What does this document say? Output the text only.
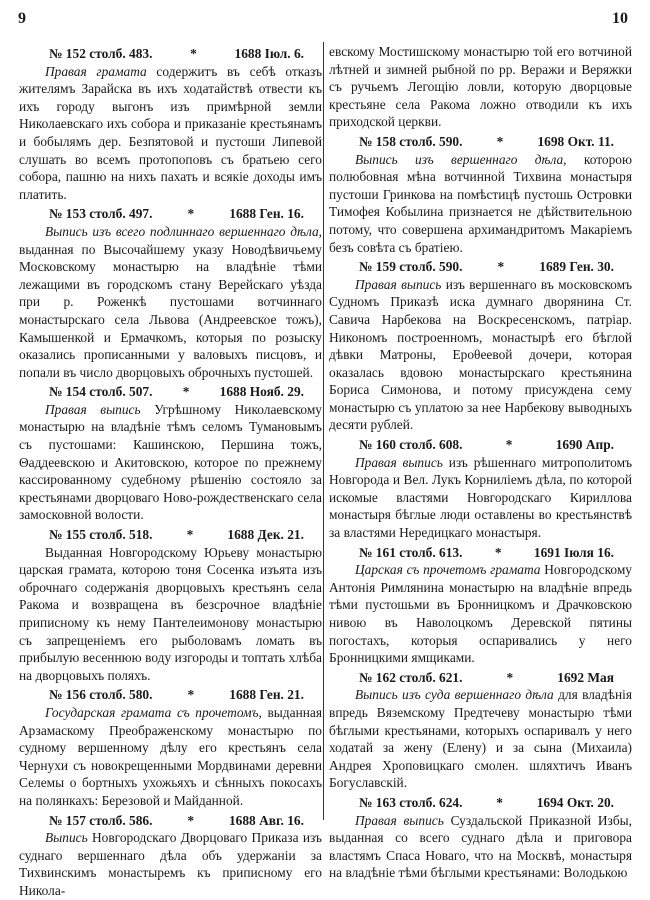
9	10
№ 152 столб. 483.	*	1688 Іюл. 6.

Правая грамата содержитъ въ себѣ отказъ жителямъ Зарайска въ ихъ ходатайствѣ отвести къ ихъ городу выгонъ изъ примѣрной земли Николаевскаго ихъ собора и приказаніе крестьянамъ и бобылямъ дер. Безпятовой и пустоши Липевой слушать во всемъ протопоповъ съ братьею сего собора, пашню на нихъ пахать и всякіе доходы имъ платить.

№ 153 столб. 497.	*	1688 Ген. 16.

Выпись изъ всего подлиннаго вершеннаго дѣла, выданная по Высочайшему указу Новодѣвичьему Московскому монастырю на владѣніе тѣми лежащими въ городскомъ стану Верейскаго уѣзда при р. Роженкѣ пустошами вотчиннаго монастырскаго села Львова (Андреевское тожъ), Камышенкой и Ермачкомъ, которыя по розыску оказались прописанными у валовыхъ писцовъ, и попали въ число дворцовыхъ оброчныхъ пустошей.

№ 154 столб. 507. * 1688 Нояб. 29.

Правая выпись Угрѣшному Николаевскому монастырю на владѣніе тѣмъ селомъ Тумановымъ съ пустошами: Кашинскою, Першина тожъ, Θаддеевскою и Акитовскою, которое по прежнему кассированному судебному рѣшенію состояло за крестьянами дворцоваго Ново-рождественскаго села замосковной волости.

№ 155 столб. 518.	*	1688 Дек. 21.

Выданная Новгородскому Юрьеву монастырю царская грамата, которою тоня Сосенка изъята изъ оброчнаго содержанія дворцовыхъ крестьянъ села Ракома и возвращена въ безсрочное владѣніе приписному къ нему Пантелеимонову монастырю съ запрещеніемъ его рыболовамъ ломать въ прибылую весеннюю воду изгороды и топтать хлѣба на дворцовыхъ поляхъ.

№ 156 столб. 580.	*	1688 Ген. 21.

Государская грамата съ прочетомъ, выданная Арзамаскому Преображенскому монастырю по судному вершенному дѣлу его крестьянъ села Чернухи съ новокрещенными Мордвинами деревни Селемы о бортныхъ ухожьяхъ и сѣнныхъ покосахъ на полянкахъ: Березовой и Майданной.

№ 157 столб. 586.	*	1688 Авг. 16.

Выпись Новгородскаго Дворцоваго Приказа изъ суднаго вершеннаго дѣла объ удержаніи за Тихвинскимъ монастыремъ къ приписному его Никола-

евскому Мостишскому монастырю той его вотчиной лѣтней и зимней рыбной по рр. Веражи и Веряжки съ ручьемъ Легощію ловли, которую дворцовые крестьяне села Ракома ложно отводили къ ихъ приходской церкви.

№ 158 столб. 590.	*	1698 Окт. 11.

Выпись изъ вершеннаго дѣла, которою полюбовная мѣна вотчинной Тихвина монастыря пустоши Гринкова на помѣстицѣ пустошь Островки Тимофея Кобылина признается не дѣйствительною потому, что совершена архимандритомъ Макаріемъ безъ совѣта съ братіею.

№ 159 столб. 590.	*	1689 Ген. 30.

Правая выпись изъ вершеннаго въ московскомъ Судномъ Приказѣ иска думнаго дворянина Ст. Савича Нарбекова на Воскресенскомъ, патріар. Никономъ построенномъ, монастырѣ его бѣглой дѣвки Матроны, Ероθеевой дочери, которая оказалась вдовою монастырскаго крестьянина Бориса Симонова, и потому присуждена сему монастырю съ уплатою за нее Нарбекову выводныхъ десяти рублей.

№ 160 столб. 608.	*	1690 Апр.

Правая выпись изъ рѣшеннаго митрополитомъ Новгорода и Вел. Лукъ Корниліемъ дѣла, по которой искомые властями Новгородскаго Кириллова монастыря бѣглые люди оставлены во крестьянствѣ за властями Нередицкаго монастыря.

№ 161 столб. 613. * 1691 Іюля 16.

Царская съ прочетомъ грамата Новгородскому Антонія Римлянина монастырю на владѣніе впредь тѣми пустошьми въ Бронницкомъ и Драчковскою нивою въ Наволоцкомъ Деревской пятины погостахъ, которыя оспаривались у него Бронницкими ямщиками.

№ 162 столб. 621.	*	1692 Мая

Выпись изъ суда вершеннаго дѣла для владѣнія впредь Вяземскому Предтечеву монастырю тѣми бѣглыми крестьянами, которыхъ оспаривалъ у него ходатай за жену (Елену) и за сына (Михаила) Андрея Хроповицкаго смолен. шляхтичъ Иванъ Богуславскій.

№ 163 столб. 624.	*	1694 Окт. 20.

Правая выпись Суздальской Приказной Избы, выданная со всего суднаго дѣла и приговора властямъ Спаса Новаго, что на Москвѣ, монастыря на владѣніе тѣми бѣглыми крестьянами: Володькою
